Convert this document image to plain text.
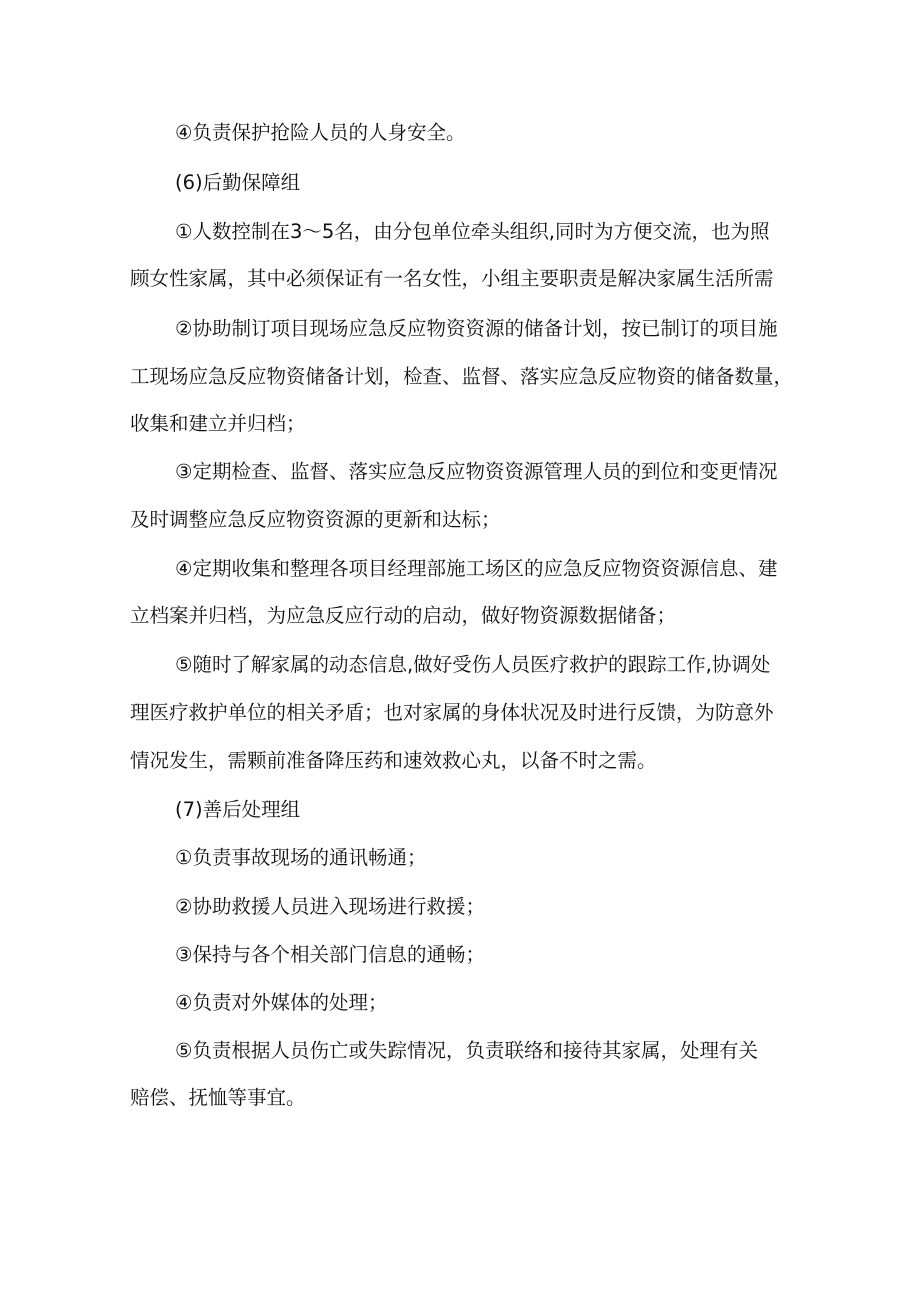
④负责保护抢险人员的人身安全。
(6)后勤保障组
①人数控制在3～5名，由分包单位牵头组织,同时为方便交流，也为照
顾女性家属，其中必须保证有一名女性，小组主要职责是解决家属生活所需
②协助制订项目现场应急反应物资资源的储备计划，按已制订的项目施
工现场应急反应物资储备计划，检查、监督、落实应急反应物资的储备数量，
收集和建立并归档；
③定期检查、监督、落实应急反应物资资源管理人员的到位和变更情况
及时调整应急反应物资资源的更新和达标；
④定期收集和整理各项目经理部施工场区的应急反应物资资源信息、建
立档案并归档，为应急反应行动的启动，做好物资源数据储备；
⑤随时了解家属的动态信息,做好受伤人员医疗救护的跟踪工作,协调处
理医疗救护单位的相关矛盾；也对家属的身体状况及时进行反馈，为防意外
情况发生，需颗前准备降压药和速效救心丸，以备不时之需。
(7)善后处理组
①负责事故现场的通讯畅通；
②协助救援人员进入现场进行救援；
③保持与各个相关部门信息的通畅；
④负责对外媒体的处理；
⑤负责根据人员伤亡或失踪情况，负责联络和接待其家属，处理有关
赔偿、抚恤等事宜。
